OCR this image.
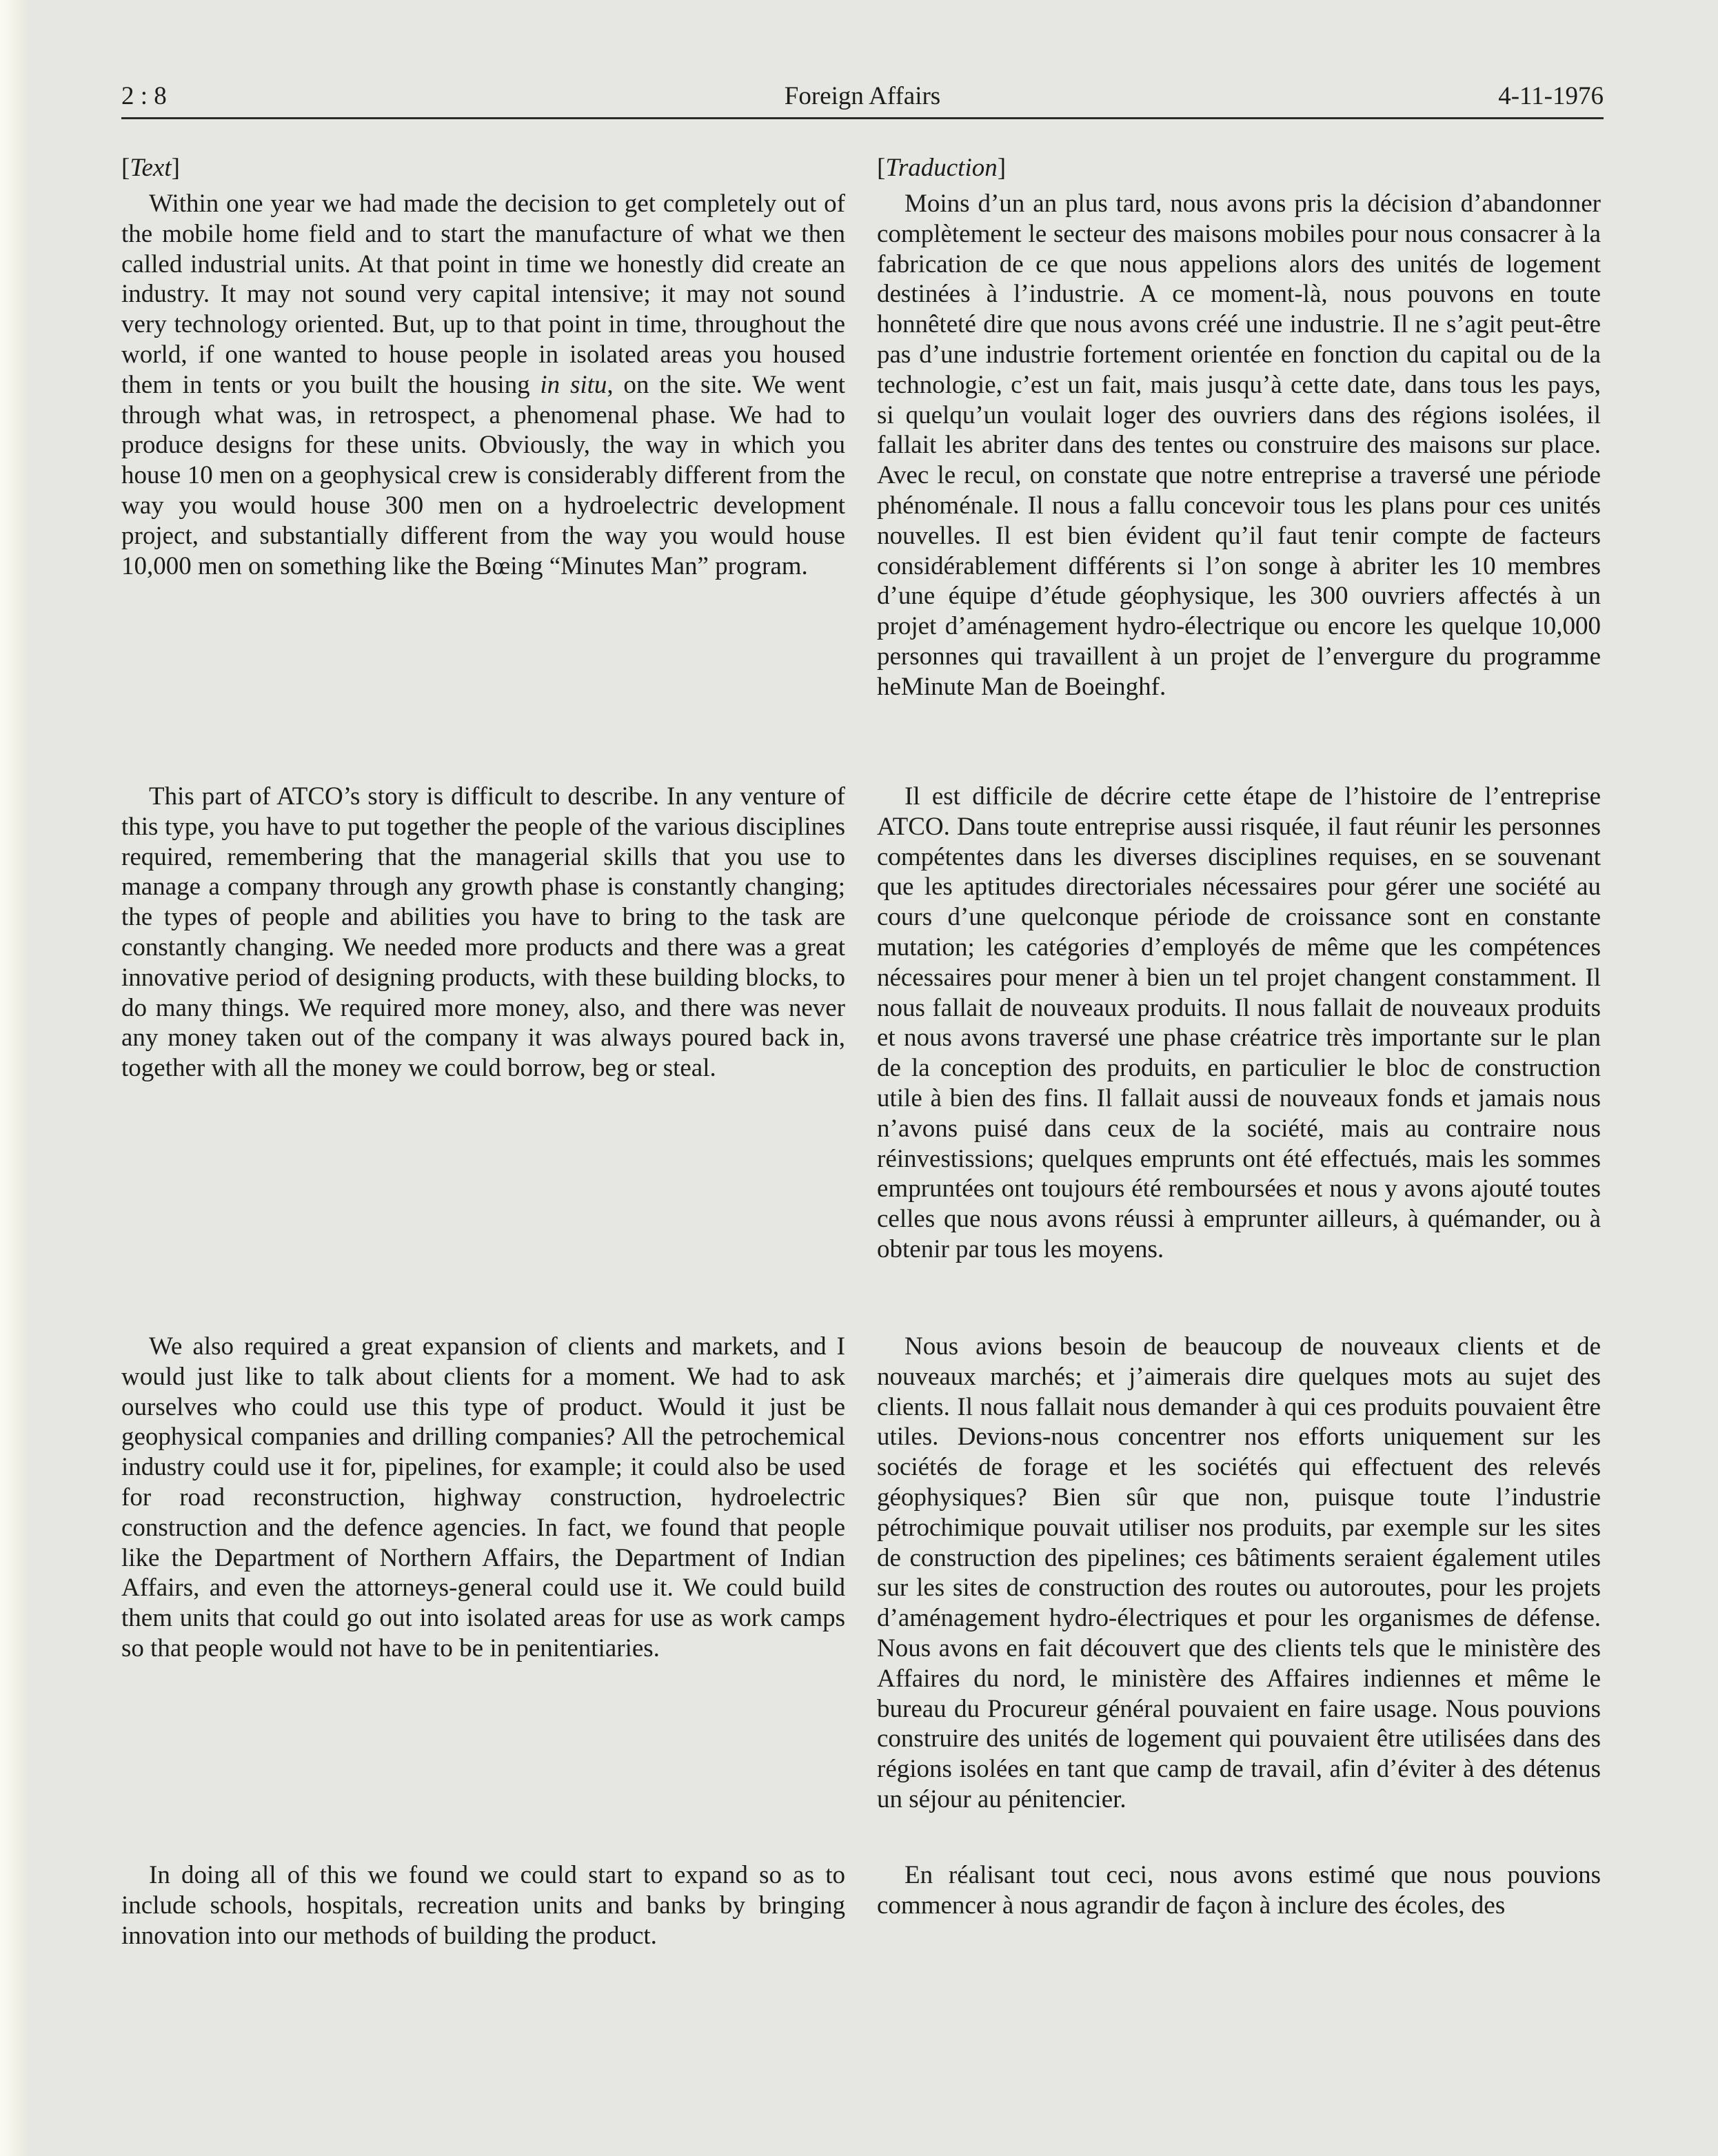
2 : 8	Foreign Affairs	4-11-1976
[Text]

Within one year we had made the decision to get completely out of the mobile home field and to start the manufacture of what we then called industrial units. At that point in time we honestly did create an industry. It may not sound very capital intensive; it may not sound very technology oriented. But, up to that point in time, throughout the world, if one wanted to house people in isolated areas you housed them in tents or you built the housing in situ, on the site. We went through what was, in retrospect, a phenomenal phase. We had to produce designs for these units. Obviously, the way in which you house 10 men on a geophysical crew is considerably different from the way you would house 300 men on a hydroelectric development project, and substantially different from the way you would house 10,000 men on something like the Bœing “Minutes Man” program.

This part of ATCO’s story is difficult to describe. In any venture of this type, you have to put together the people of the various disciplines required, remembering that the managerial skills that you use to manage a company through any growth phase is constantly changing; the types of people and abilities you have to bring to the task are constantly changing. We needed more products and there was a great innovative period of designing products, with these building blocks, to do many things. We required more money, also, and there was never any money taken out of the company it was always poured back in, together with all the money we could borrow, beg or steal.

We also required a great expansion of clients and markets, and I would just like to talk about clients for a moment. We had to ask ourselves who could use this type of product. Would it just be geophysical companies and drilling companies? All the petrochemical industry could use it for, pipelines, for example; it could also be used for road reconstruction, highway construction, hydroelectric construction and the defence agencies. In fact, we found that people like the Department of Northern Affairs, the Department of Indian Affairs, and even the attorneys-general could use it. We could build them units that could go out into isolated areas for use as work camps so that people would not have to be in penitentiaries.

In doing all of this we found we could start to expand so as to include schools, hospitals, recreation units and banks by bringing innovation into our methods of building the product.

[Traduction]

Moins d’un an plus tard, nous avons pris la décision d’abandonner complètement le secteur des maisons mobiles pour nous consacrer à la fabrication de ce que nous appelions alors des unités de logement destinées à l’industrie. A ce moment-là, nous pouvons en toute honnêteté dire que nous avons créé une industrie. Il ne s’agit peut-être pas d’une industrie fortement orientée en fonction du capital ou de la technologie, c’est un fait, mais jusqu’à cette date, dans tous les pays, si quelqu’un voulait loger des ouvriers dans des régions isolées, il fallait les abriter dans des tentes ou construire des maisons sur place. Avec le recul, on constate que notre entreprise a traversé une période phénoménale. Il nous a fallu concevoir tous les plans pour ces unités nouvelles. Il est bien évident qu’il faut tenir compte de facteurs considérablement différents si l’on songe à abriter les 10 membres d’une équipe d’étude géophysique, les 300 ouvriers affectés à un projet d’aménagement hydro-électrique ou encore les quelque 10,000 personnes qui travaillent à un projet de l’envergure du programme heMinute Man de Boeinghf.

Il est difficile de décrire cette étape de l’histoire de l’entreprise ATCO. Dans toute entreprise aussi risquée, il faut réunir les personnes compétentes dans les diverses disciplines requises, en se souvenant que les aptitudes directoriales nécessaires pour gérer une société au cours d’une quelconque période de croissance sont en constante mutation; les catégories d’employés de même que les compétences nécessaires pour mener à bien un tel projet changent constamment. Il nous fallait de nouveaux produits. Il nous fallait de nouveaux produits et nous avons traversé une phase créatrice très importante sur le plan de la conception des produits, en particulier le bloc de construction utile à bien des fins. Il fallait aussi de nouveaux fonds et jamais nous n’avons puisé dans ceux de la société, mais au contraire nous réinvestissions; quelques emprunts ont été effectués, mais les sommes empruntées ont toujours été remboursées et nous y avons ajouté toutes celles que nous avons réussi à emprunter ailleurs, à quémander, ou à obtenir par tous les moyens.

Nous avions besoin de beaucoup de nouveaux clients et de nouveaux marchés; et j’aimerais dire quelques mots au sujet des clients. Il nous fallait nous demander à qui ces produits pouvaient être utiles. Devions-nous concentrer nos efforts uniquement sur les sociétés de forage et les sociétés qui effectuent des relevés géophysiques? Bien sûr que non, puisque toute l’industrie pétrochimique pouvait utiliser nos produits, par exemple sur les sites de construction des pipelines; ces bâtiments seraient également utiles sur les sites de construction des routes ou autoroutes, pour les projets d’aménagement hydro-électriques et pour les organismes de défense. Nous avons en fait découvert que des clients tels que le ministère des Affaires du nord, le ministère des Affaires indiennes et même le bureau du Procureur général pouvaient en faire usage. Nous pouvions construire des unités de logement qui pouvaient être utilisées dans des régions isolées en tant que camp de travail, afin d’éviter à des détenus un séjour au pénitencier.

En réalisant tout ceci, nous avons estimé que nous pouvions commencer à nous agrandir de façon à inclure des écoles, des
